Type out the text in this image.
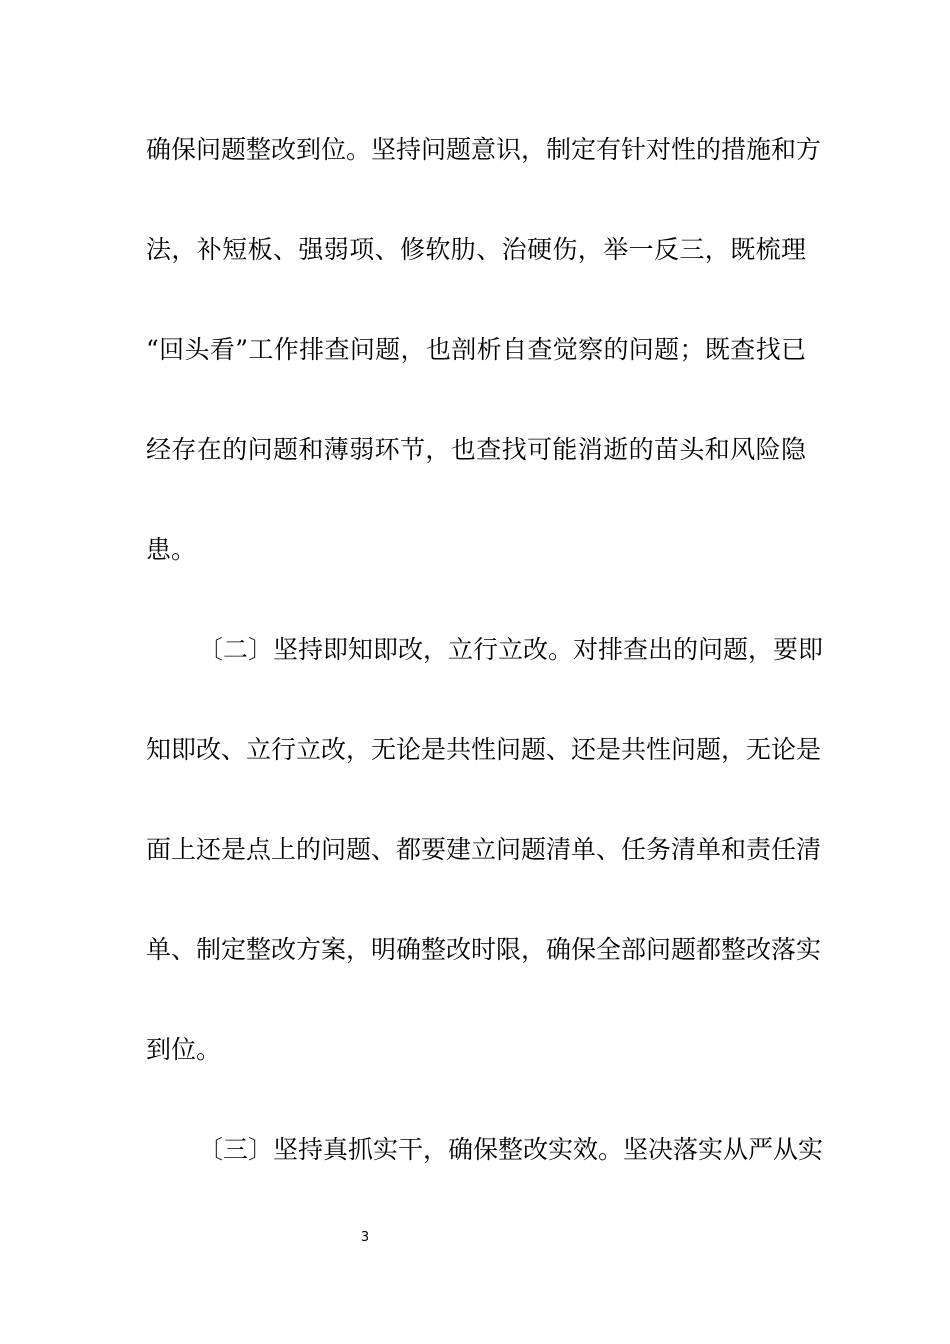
确保问题整改到位。坚持问题意识，制定有针对性的措施和方
法，补短板、强弱项、修软肋、治硬伤，举一反三，既梳理
“回头看”工作排查问题，也剖析自查觉察的问题；既查找已
经存在的问题和薄弱环节，也查找可能消逝的苗头和风险隐
患。
〔二〕坚持即知即改，立行立改。对排查出的问题，要即
知即改、立行立改，无论是共性问题、还是共性问题，无论是
面上还是点上的问题、都要建立问题清单、任务清单和责任清
单、制定整改方案，明确整改时限，确保全部问题都整改落实
到位。
〔三〕坚持真抓实干，确保整改实效。坚决落实从严从实
3
